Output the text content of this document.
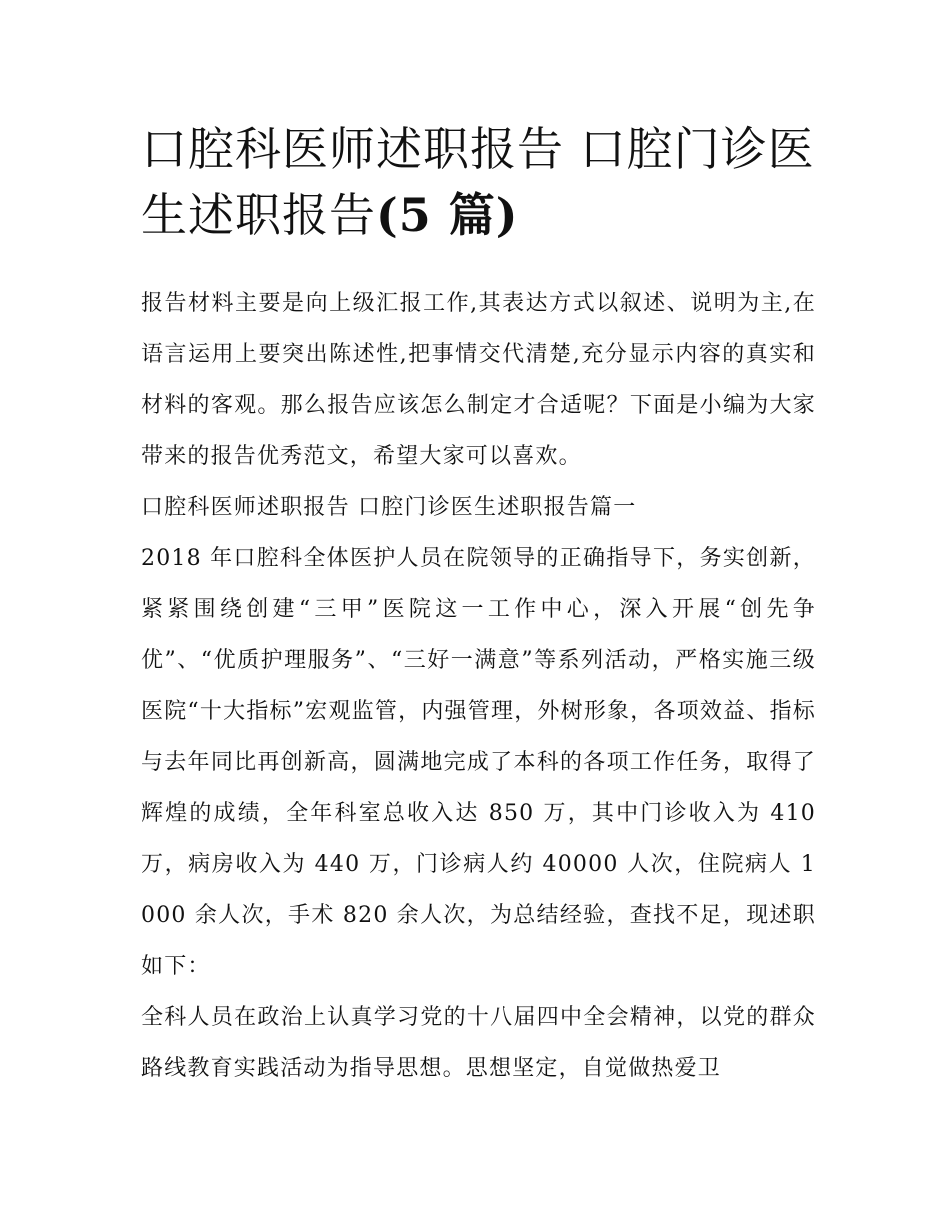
口腔科医师述职报告 口腔门诊医生述职报告(5 篇)

报告材料主要是向上级汇报工作,其表达方式以叙述、说明为主,在语言运用上要突出陈述性,把事情交代清楚,充分显示内容的真实和材料的客观。那么报告应该怎么制定才合适呢？下面是小编为大家带来的报告优秀范文，希望大家可以喜欢。

口腔科医师述职报告 口腔门诊医生述职报告篇一

2018 年口腔科全体医护人员在院领导的正确指导下，务实创新，紧紧围绕创建“三甲”医院这一工作中心，深入开展“创先争优”、“优质护理服务”、“三好一满意”等系列活动，严格实施三级医院“十大指标”宏观监管，内强管理，外树形象，各项效益、指标与去年同比再创新高，圆满地完成了本科的各项工作任务，取得了辉煌的成绩，全年科室总收入达 850 万，其中门诊收入为 410 万，病房收入为 440 万，门诊病人约 40000 人次，住院病人 1000 余人次，手术 820 余人次，为总结经验，查找不足，现述职如下：

全科人员在政治上认真学习党的十八届四中全会精神，以党的群众路线教育实践活动为指导思想。思想坚定，自觉做热爱卫
